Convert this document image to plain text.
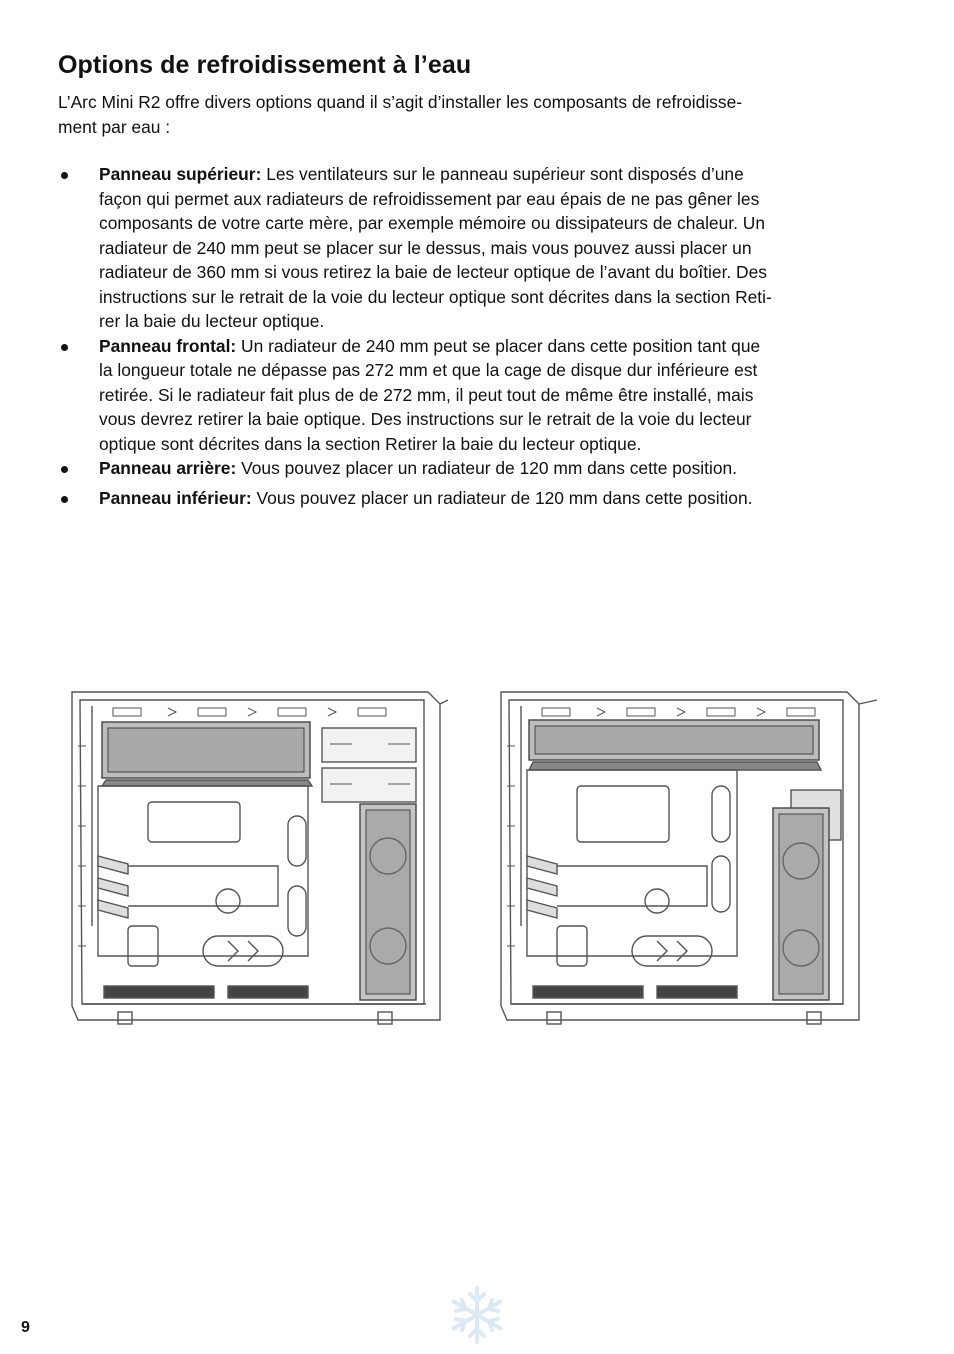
Options de refroidissement à l’eau
L’Arc Mini R2 offre divers options quand il s’agit d’installer les composants de refroidisse-
ment par eau :
Panneau supérieur: Les ventilateurs sur le panneau supérieur sont disposés d’une
façon qui permet aux radiateurs de refroidissement par eau épais de ne pas gêner les
composants de votre carte mère, par exemple mémoire ou dissipateurs de chaleur. Un
radiateur de 240 mm peut se placer sur le dessus, mais vous pouvez aussi placer un
radiateur de 360 mm si vous retirez la baie de lecteur optique de l’avant du boîtier. Des
instructions sur le retrait de la voie du lecteur optique sont décrites dans la section Reti-
rer la baie du lecteur optique.
Panneau frontal: Un radiateur de 240 mm peut se placer dans cette position tant que
la longueur totale ne dépasse pas 272 mm et que la cage de disque dur inférieure est
retirée. Si le radiateur fait plus de de 272 mm, il peut tout de même être installé, mais
vous devrez retirer la baie optique. Des instructions sur le retrait de la voie du lecteur
optique sont décrites dans la section Retirer la baie du lecteur optique.
Panneau arrière: Vous pouvez placer un radiateur de 120 mm dans cette position.
Panneau inférieur: Vous pouvez placer un radiateur de 120 mm dans cette position.
9
